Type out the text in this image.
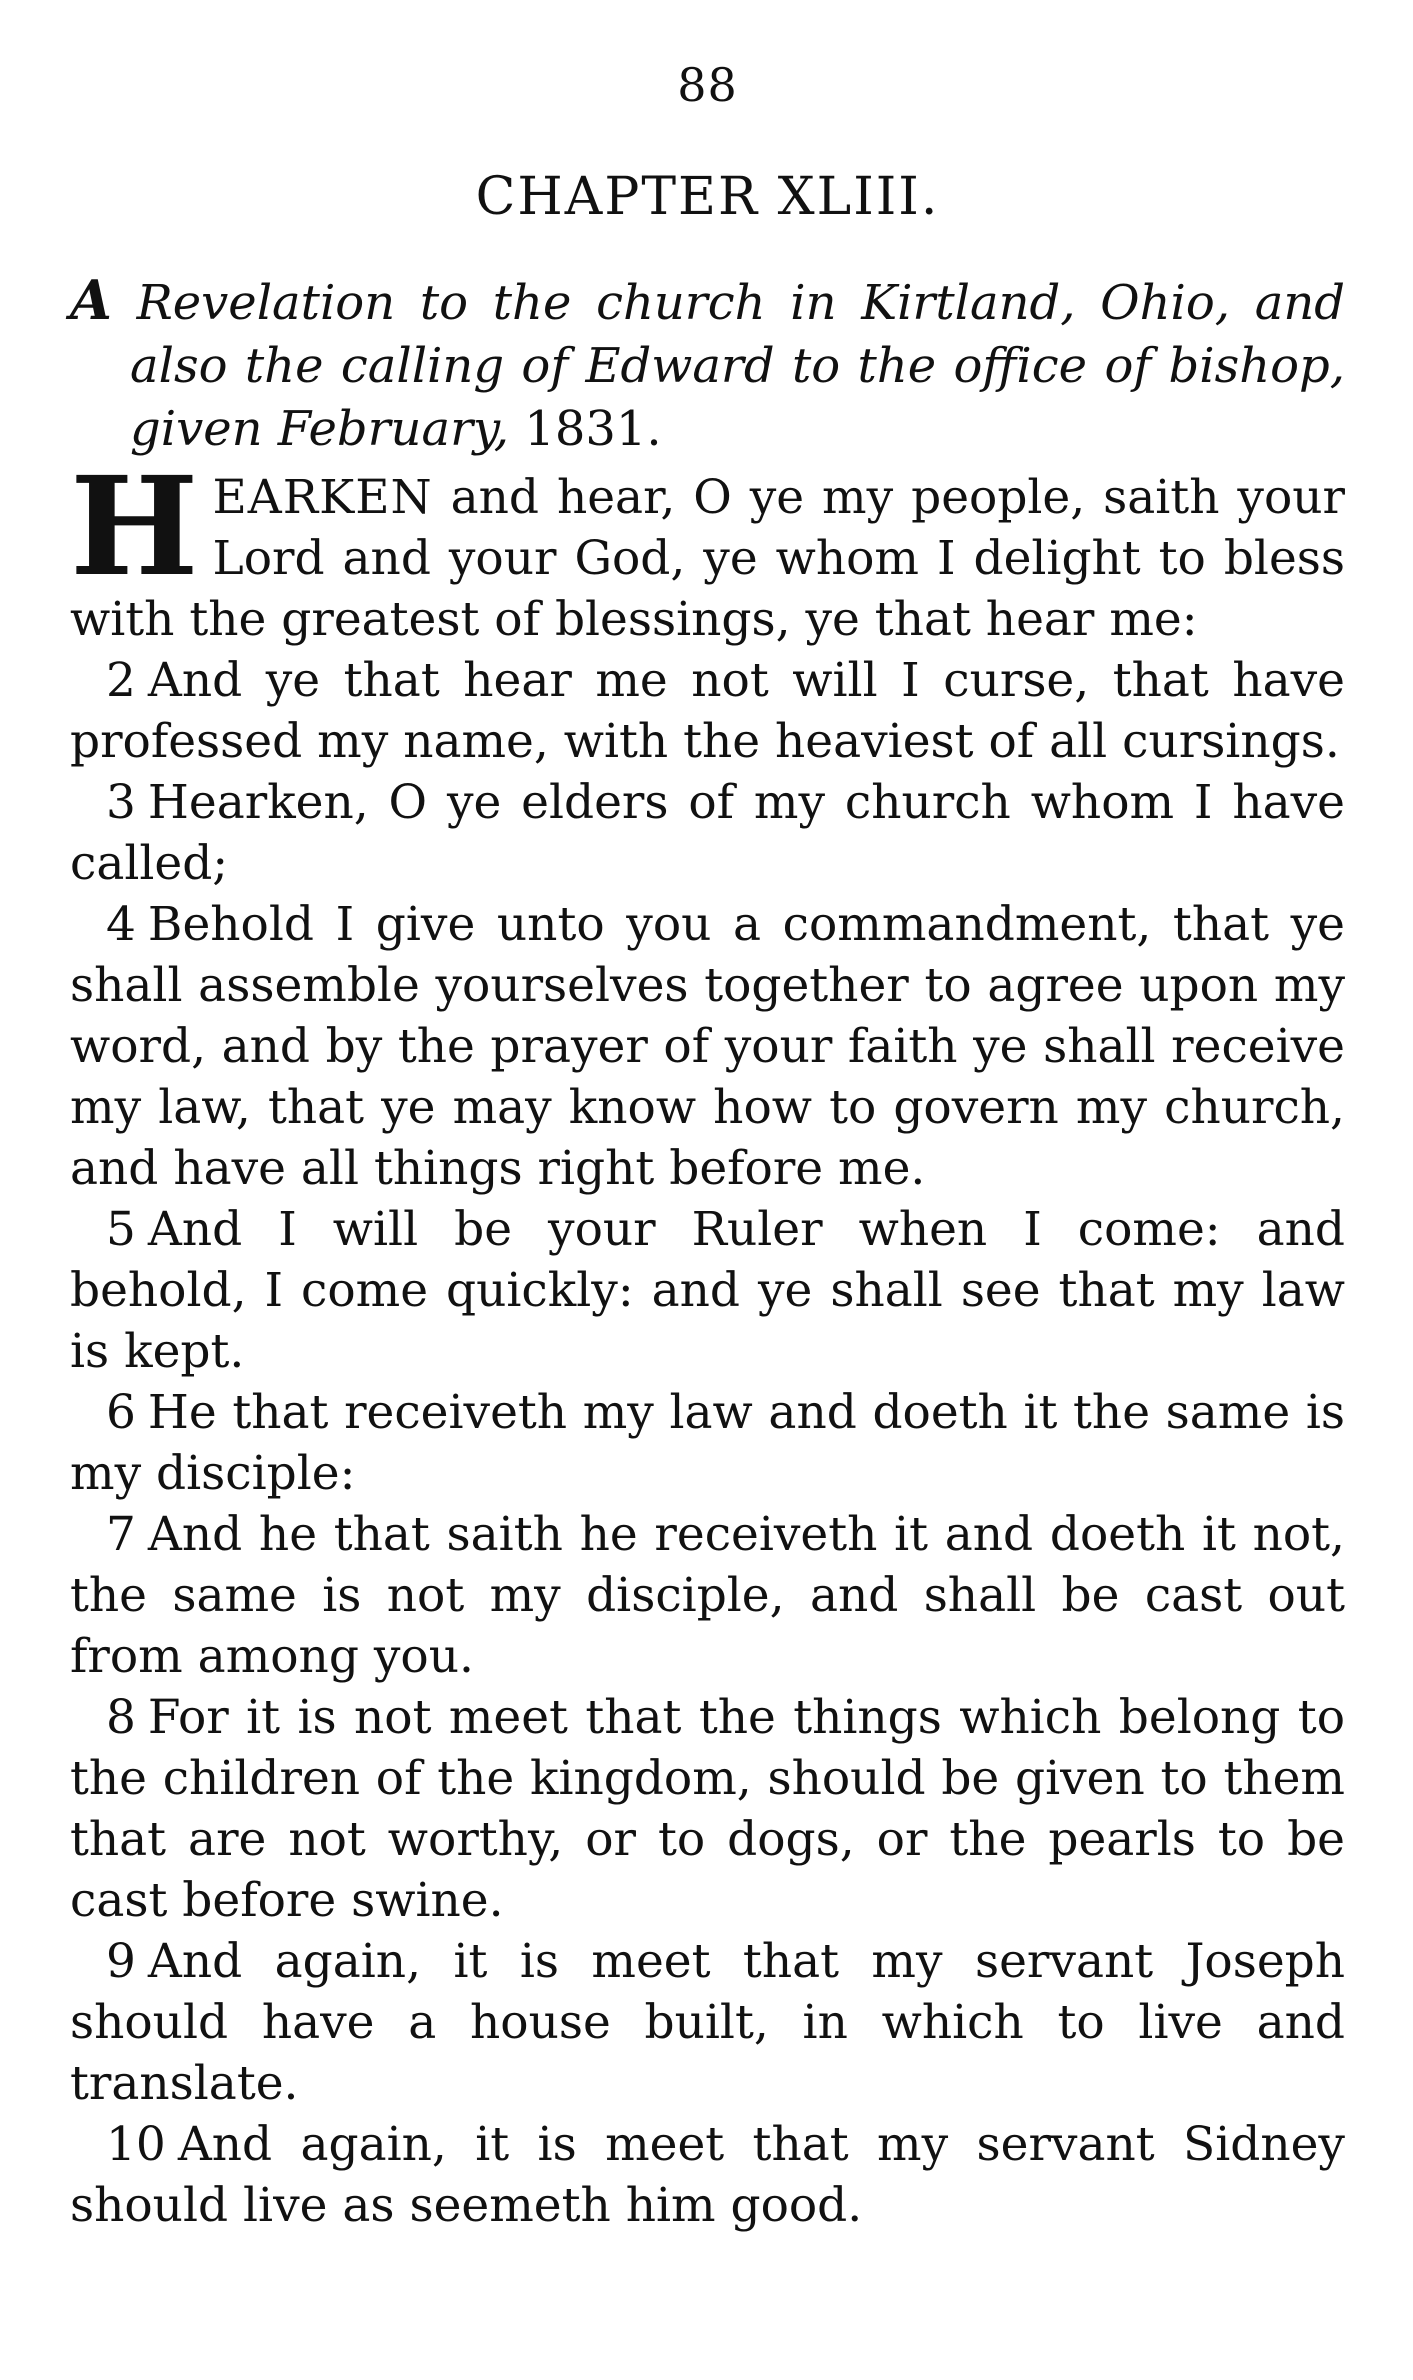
88
CHAPTER XLIII.

A Revelation to the church in Kirtland, Ohio, and also the calling of Edward to the office of bishop, given February, 1831.

HEARKEN and hear, O ye my people, saith your Lord and your God, ye whom I delight to bless with the greatest of blessings, ye that hear me:

2 And ye that hear me not will I curse, that have professed my name, with the heaviest of all cursings.

3 Hearken, O ye elders of my church whom I have called;

4 Behold I give unto you a commandment, that ye shall assemble yourselves together to agree upon my word, and by the prayer of your faith ye shall receive my law, that ye may know how to govern my church, and have all things right before me.

5 And I will be your Ruler when I come: and behold, I come quickly: and ye shall see that my law is kept.

6 He that receiveth my law and doeth it the same is my disciple:

7 And he that saith he receiveth it and doeth it not, the same is not my disciple, and shall be cast out from among you.

8 For it is not meet that the things which belong to the children of the kingdom, should be given to them that are not worthy, or to dogs, or the pearls to be cast before swine.

9 And again, it is meet that my servant Joseph should have a house built, in which to live and translate.

10 And again, it is meet that my servant Sidney should live as seemeth him good.
